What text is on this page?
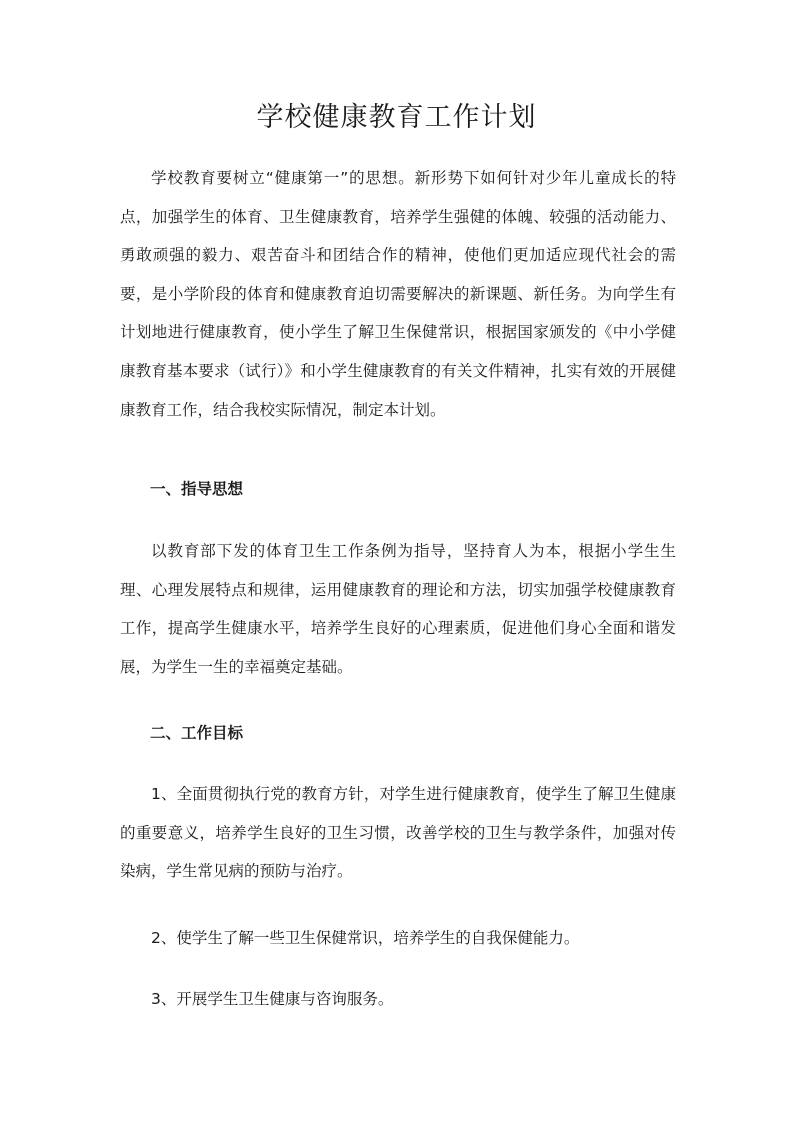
学校健康教育工作计划

学校教育要树立“健康第一”的思想。新形势下如何针对少年儿童成长的特点，加强学生的体育、卫生健康教育，培养学生强健的体魄、较强的活动能力、勇敢顽强的毅力、艰苦奋斗和团结合作的精神，使他们更加适应现代社会的需要，是小学阶段的体育和健康教育迫切需要解决的新课题、新任务。为向学生有计划地进行健康教育，使小学生了解卫生保健常识，根据国家颁发的《中小学健康教育基本要求（试行）》和小学生健康教育的有关文件精神，扎实有效的开展健康教育工作，结合我校实际情况，制定本计划。

一、指导思想

以教育部下发的体育卫生工作条例为指导，坚持育人为本，根据小学生生理、心理发展特点和规律，运用健康教育的理论和方法，切实加强学校健康教育工作，提高学生健康水平，培养学生良好的心理素质，促进他们身心全面和谐发展，为学生一生的幸福奠定基础。

二、工作目标

1、全面贯彻执行党的教育方针，对学生进行健康教育，使学生了解卫生健康的重要意义，培养学生良好的卫生习惯，改善学校的卫生与教学条件，加强对传染病，学生常见病的预防与治疗。

2、使学生了解一些卫生保健常识，培养学生的自我保健能力。

3、开展学生卫生健康与咨询服务。
